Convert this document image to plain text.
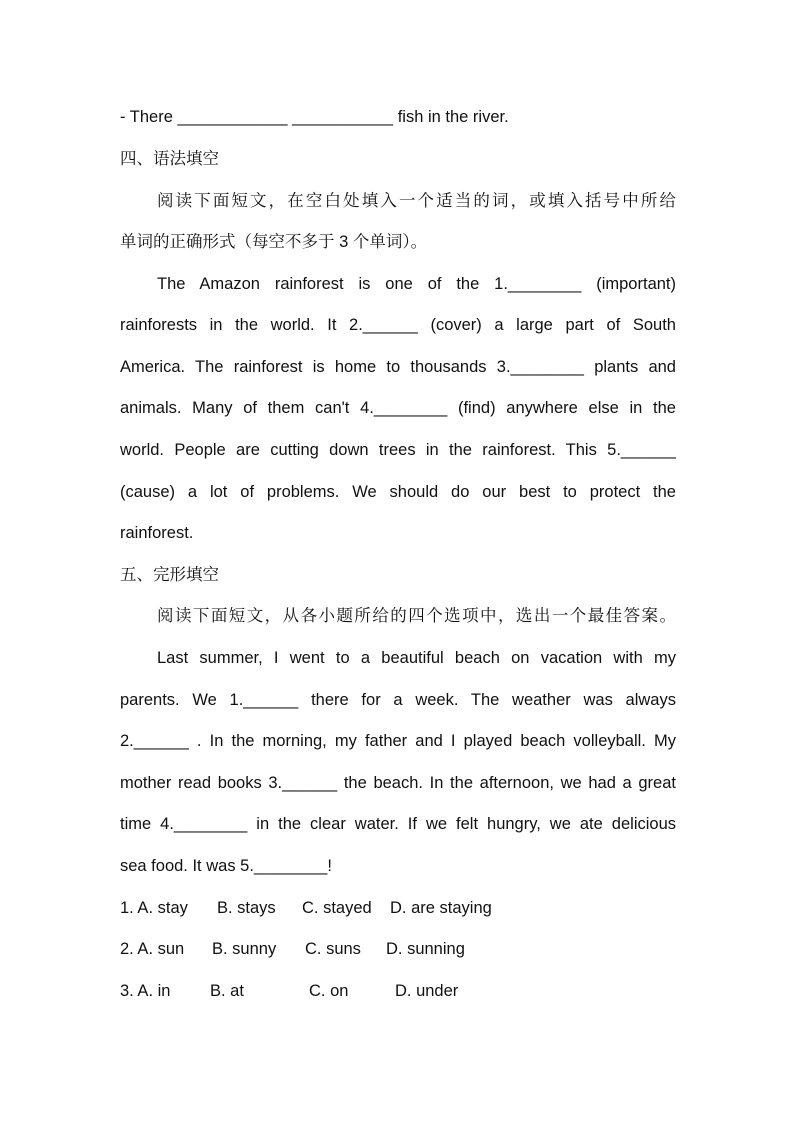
- There ____________ ___________ fish in the river.
四、语法填空
阅读下面短文，在空白处填入一个适当的词，或填入括号中所给
单词的正确形式（每空不多于 3 个单词）。
The Amazon rainforest is one of the 1.________ (important)
rainforests in the world. It 2.______ (cover) a large part of South
America. The rainforest is home to thousands 3.________ plants and
animals. Many of them can't 4.________ (find) anywhere else in the
world. People are cutting down trees in the rainforest. This 5.______
(cause) a lot of problems. We should do our best to protect the
rainforest.
五、完形填空
阅读下面短文，从各小题所给的四个选项中，选出一个最佳答案。
Last summer, I went to a beautiful beach on vacation with my
parents. We 1.______ there for a week. The weather was always
2.______ . In the morning, my father and I played beach volleyball. My
mother read books 3.______ the beach. In the afternoon, we had a great
time 4.________ in the clear water. If we felt hungry, we ate delicious
sea food. It was 5.________!
1. A. stay B. stays C. stayed D. are staying
2. A. sun B. sunny C. suns D. sunning
3. A. in B. at	C. on	D. under
